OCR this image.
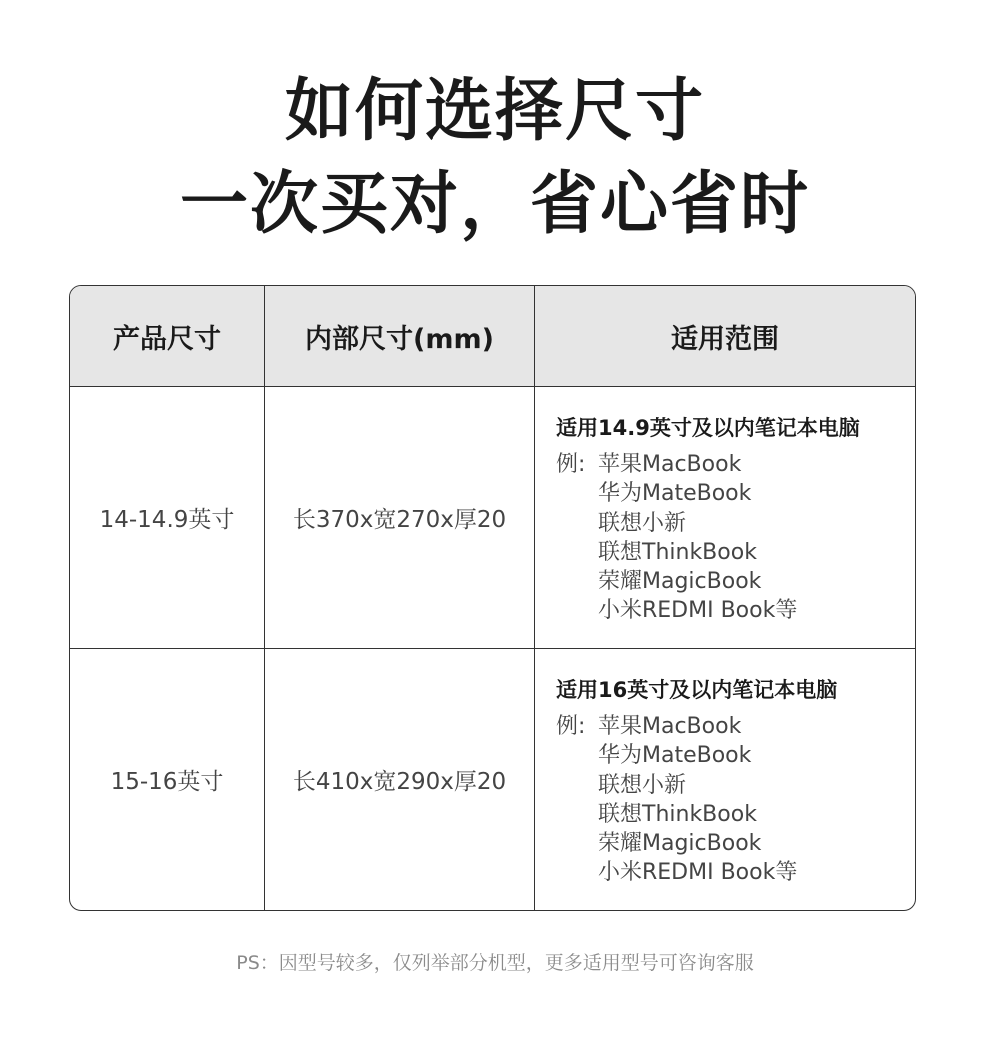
如何选择尺寸
一次买对，省心省时
产品尺寸	内部尺寸(mm)	适用范围
14-14.9英寸	长370x宽270x厚20
适用14.9英寸及以内笔记本电脑
例: 苹果MacBook
华为MateBook
联想小新
联想ThinkBook
荣耀MagicBook
小米REDMI Book等
15-16英寸	长410x宽290x厚20
适用16英寸及以内笔记本电脑
例: 苹果MacBook
华为MateBook
联想小新
联想ThinkBook
荣耀MagicBook
小米REDMI Book等
PS：因型号较多，仅列举部分机型，更多适用型号可咨询客服
